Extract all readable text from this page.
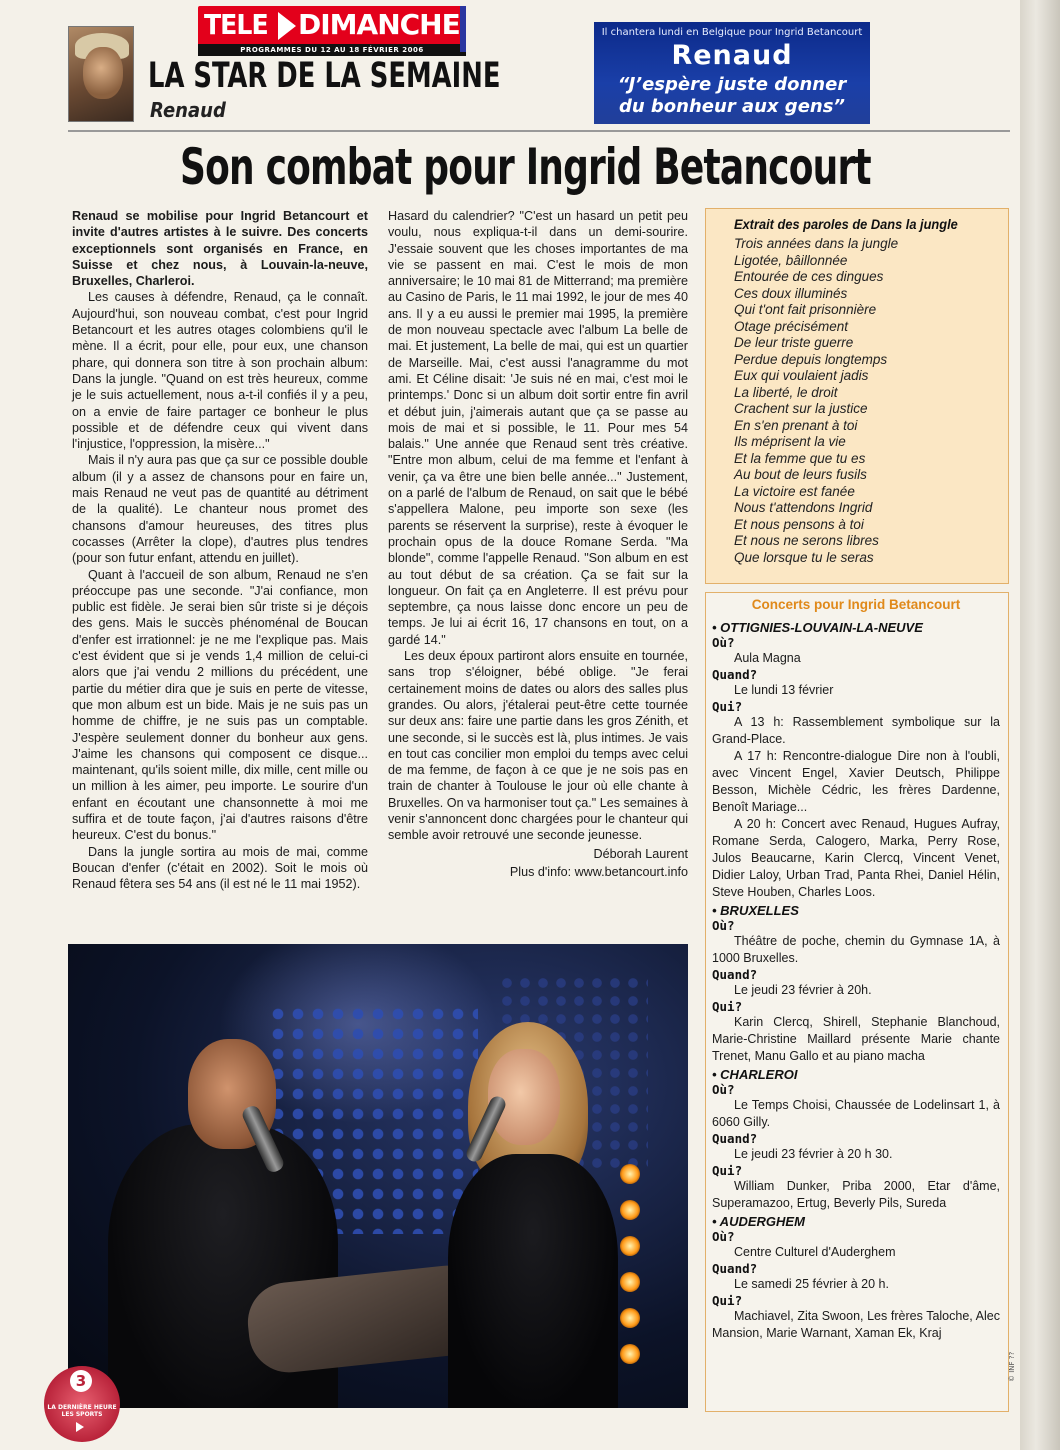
TELE DIMANCHE
PROGRAMMES DU 12 AU 18 FÉVRIER 2006
LA STAR DE LA SEMAINE
Renaud
Il chantera lundi en Belgique pour Ingrid Betancourt
Renaud
“J’espère juste donner
du bonheur aux gens”
Son combat pour Ingrid Betancourt

Renaud se mobilise pour Ingrid Betancourt et invite d'autres artistes à le suivre. Des concerts exceptionnels sont organisés en France, en Suisse et chez nous, à Louvain-la-neuve, Bruxelles, Charleroi.

Les causes à défendre, Renaud, ça le connaît. Aujourd'hui, son nouveau combat, c'est pour Ingrid Betancourt et les autres otages colombiens qu'il le mène. Il a écrit, pour elle, pour eux, une chanson phare, qui donnera son titre à son prochain album: Dans la jungle. "Quand on est très heureux, comme je le suis actuellement, nous a-t-il confiés il y a peu, on a envie de faire partager ce bonheur le plus possible et de défendre ceux qui vivent dans l'injustice, l'oppression, la misère..."

Mais il n'y aura pas que ça sur ce possible double album (il y a assez de chansons pour en faire un, mais Renaud ne veut pas de quantité au détriment de la qualité). Le chanteur nous promet des chansons d'amour heureuses, des titres plus cocasses (Arrêter la clope), d'autres plus tendres (pour son futur enfant, attendu en juillet).

Quant à l'accueil de son album, Renaud ne s'en préoccupe pas une seconde. "J'ai confiance, mon public est fidèle. Je serai bien sûr triste si je déçois des gens. Mais le succès phénoménal de Boucan d'enfer est irrationnel: je ne me l'explique pas. Mais c'est évident que si je vends 1,4 million de celui-ci alors que j'ai vendu 2 millions du précédent, une partie du métier dira que je suis en perte de vitesse, que mon album est un bide. Mais je ne suis pas un homme de chiffre, je ne suis pas un comptable. J'espère seulement donner du bonheur aux gens. J'aime les chansons qui composent ce disque... maintenant, qu'ils soient mille, dix mille, cent mille ou un million à les aimer, peu importe. Le sourire d'un enfant en écoutant une chansonnette à moi me suffira et de toute façon, j'ai d'autres raisons d'être heureux. C'est du bonus."

Dans la jungle sortira au mois de mai, comme Boucan d'enfer (c'était en 2002). Soit le mois où Renaud fêtera ses 54 ans (il est né le 11 mai 1952).

Hasard du calendrier? "C'est un hasard un petit peu voulu, nous expliqua-t-il dans un demi-sourire. J'essaie souvent que les choses importantes de ma vie se passent en mai. C'est le mois de mon anniversaire; le 10 mai 81 de Mitterrand; ma première au Casino de Paris, le 11 mai 1992, le jour de mes 40 ans. Il y a eu aussi le premier mai 1995, la première de mon nouveau spectacle avec l'album La belle de mai. Et justement, La belle de mai, qui est un quartier de Marseille. Mai, c'est aussi l'anagramme du mot ami. Et Céline disait: 'Je suis né en mai, c'est moi le printemps.' Donc si un album doit sortir entre fin avril et début juin, j'aimerais autant que ça se passe au mois de mai et si possible, le 11. Pour mes 54 balais." Une année que Renaud sent très créative. "Entre mon album, celui de ma femme et l'enfant à venir, ça va être une bien belle année..." Justement, on a parlé de l'album de Renaud, on sait que le bébé s'appellera Malone, peu importe son sexe (les parents se réservent la surprise), reste à évoquer le prochain opus de la douce Romane Serda. "Ma blonde", comme l'appelle Renaud. "Son album en est au tout début de sa création. Ça se fait sur la longueur. On fait ça en Angleterre. Il est prévu pour septembre, ça nous laisse donc encore un peu de temps. Je lui ai écrit 16, 17 chansons en tout, on a gardé 14."

Les deux époux partiront alors ensuite en tournée, sans trop s'éloigner, bébé oblige. "Je ferai certainement moins de dates ou alors des salles plus grandes. Ou alors, j'étalerai peut-être cette tournée sur deux ans: faire une partie dans les gros Zénith, et une seconde, si le succès est là, plus intimes. Je vais en tout cas concilier mon emploi du temps avec celui de ma femme, de façon à ce que je ne sois pas en train de chanter à Toulouse le jour où elle chante à Bruxelles. On va harmoniser tout ça." Les semaines à venir s'annoncent donc chargées pour le chanteur qui semble avoir retrouvé une seconde jeunesse.

Déborah Laurent
Plus d'info: www.betancourt.info
Extrait des paroles de Dans la jungle
Trois années dans la jungle
Ligotée, bâillonnée
Entourée de ces dingues
Ces doux illuminés
Qui t'ont fait prisonnière
Otage précisément
De leur triste guerre
Perdue depuis longtemps
Eux qui voulaient jadis
La liberté, le droit
Crachent sur la justice
En s'en prenant à toi
Ils méprisent la vie
Et la femme que tu es
Au bout de leurs fusils
La victoire est fanée
Nous t'attendons Ingrid
Et nous pensons à toi
Et nous ne serons libres
Que lorsque tu le seras
Concerts pour Ingrid Betancourt
• OTTIGNIES-LOUVAIN-LA-NEUVE
Où?
Aula Magna
Quand?
Le lundi 13 février
Qui?
A 13 h: Rassemblement symbolique sur la Grand-Place.
A 17 h: Rencontre-dialogue Dire non à l'oubli, avec Vincent Engel, Xavier Deutsch, Philippe Besson, Michèle Cédric, les frères Dardenne, Benoît Mariage...
A 20 h: Concert avec Renaud, Hugues Aufray, Romane Serda, Calogero, Marka, Perry Rose, Julos Beaucarne, Karin Clercq, Vincent Venet, Didier Laloy, Urban Trad, Panta Rhei, Daniel Hélin, Steve Houben, Charles Loos.
• BRUXELLES
Où?
Théâtre de poche, chemin du Gymnase 1A, à 1000 Bruxelles.
Quand?
Le jeudi 23 février à 20h.
Qui?
Karin Clercq, Shirell, Stephanie Blanchoud, Marie-Christine Maillard présente Marie chante Trenet, Manu Gallo et au piano macha
• CHARLEROI
Où?
Le Temps Choisi, Chaussée de Lodelinsart 1, à 6060 Gilly.
Quand?
Le jeudi 23 février à 20 h 30.
Qui?
William Dunker, Priba 2000, Etar d'âme, Superamazoo, Ertug, Beverly Pils, Sureda
• AUDERGHEM
Où?
Centre Culturel d'Auderghem
Quand?
Le samedi 25 février à 20 h.
Qui?
Machiavel, Zita Swoon, Les frères Taloche, Alec Mansion, Marie Warnant, Xaman Ek, Kraj
3
LA DERNIÈRE HEURE
LES SPORTS
© INF ??
